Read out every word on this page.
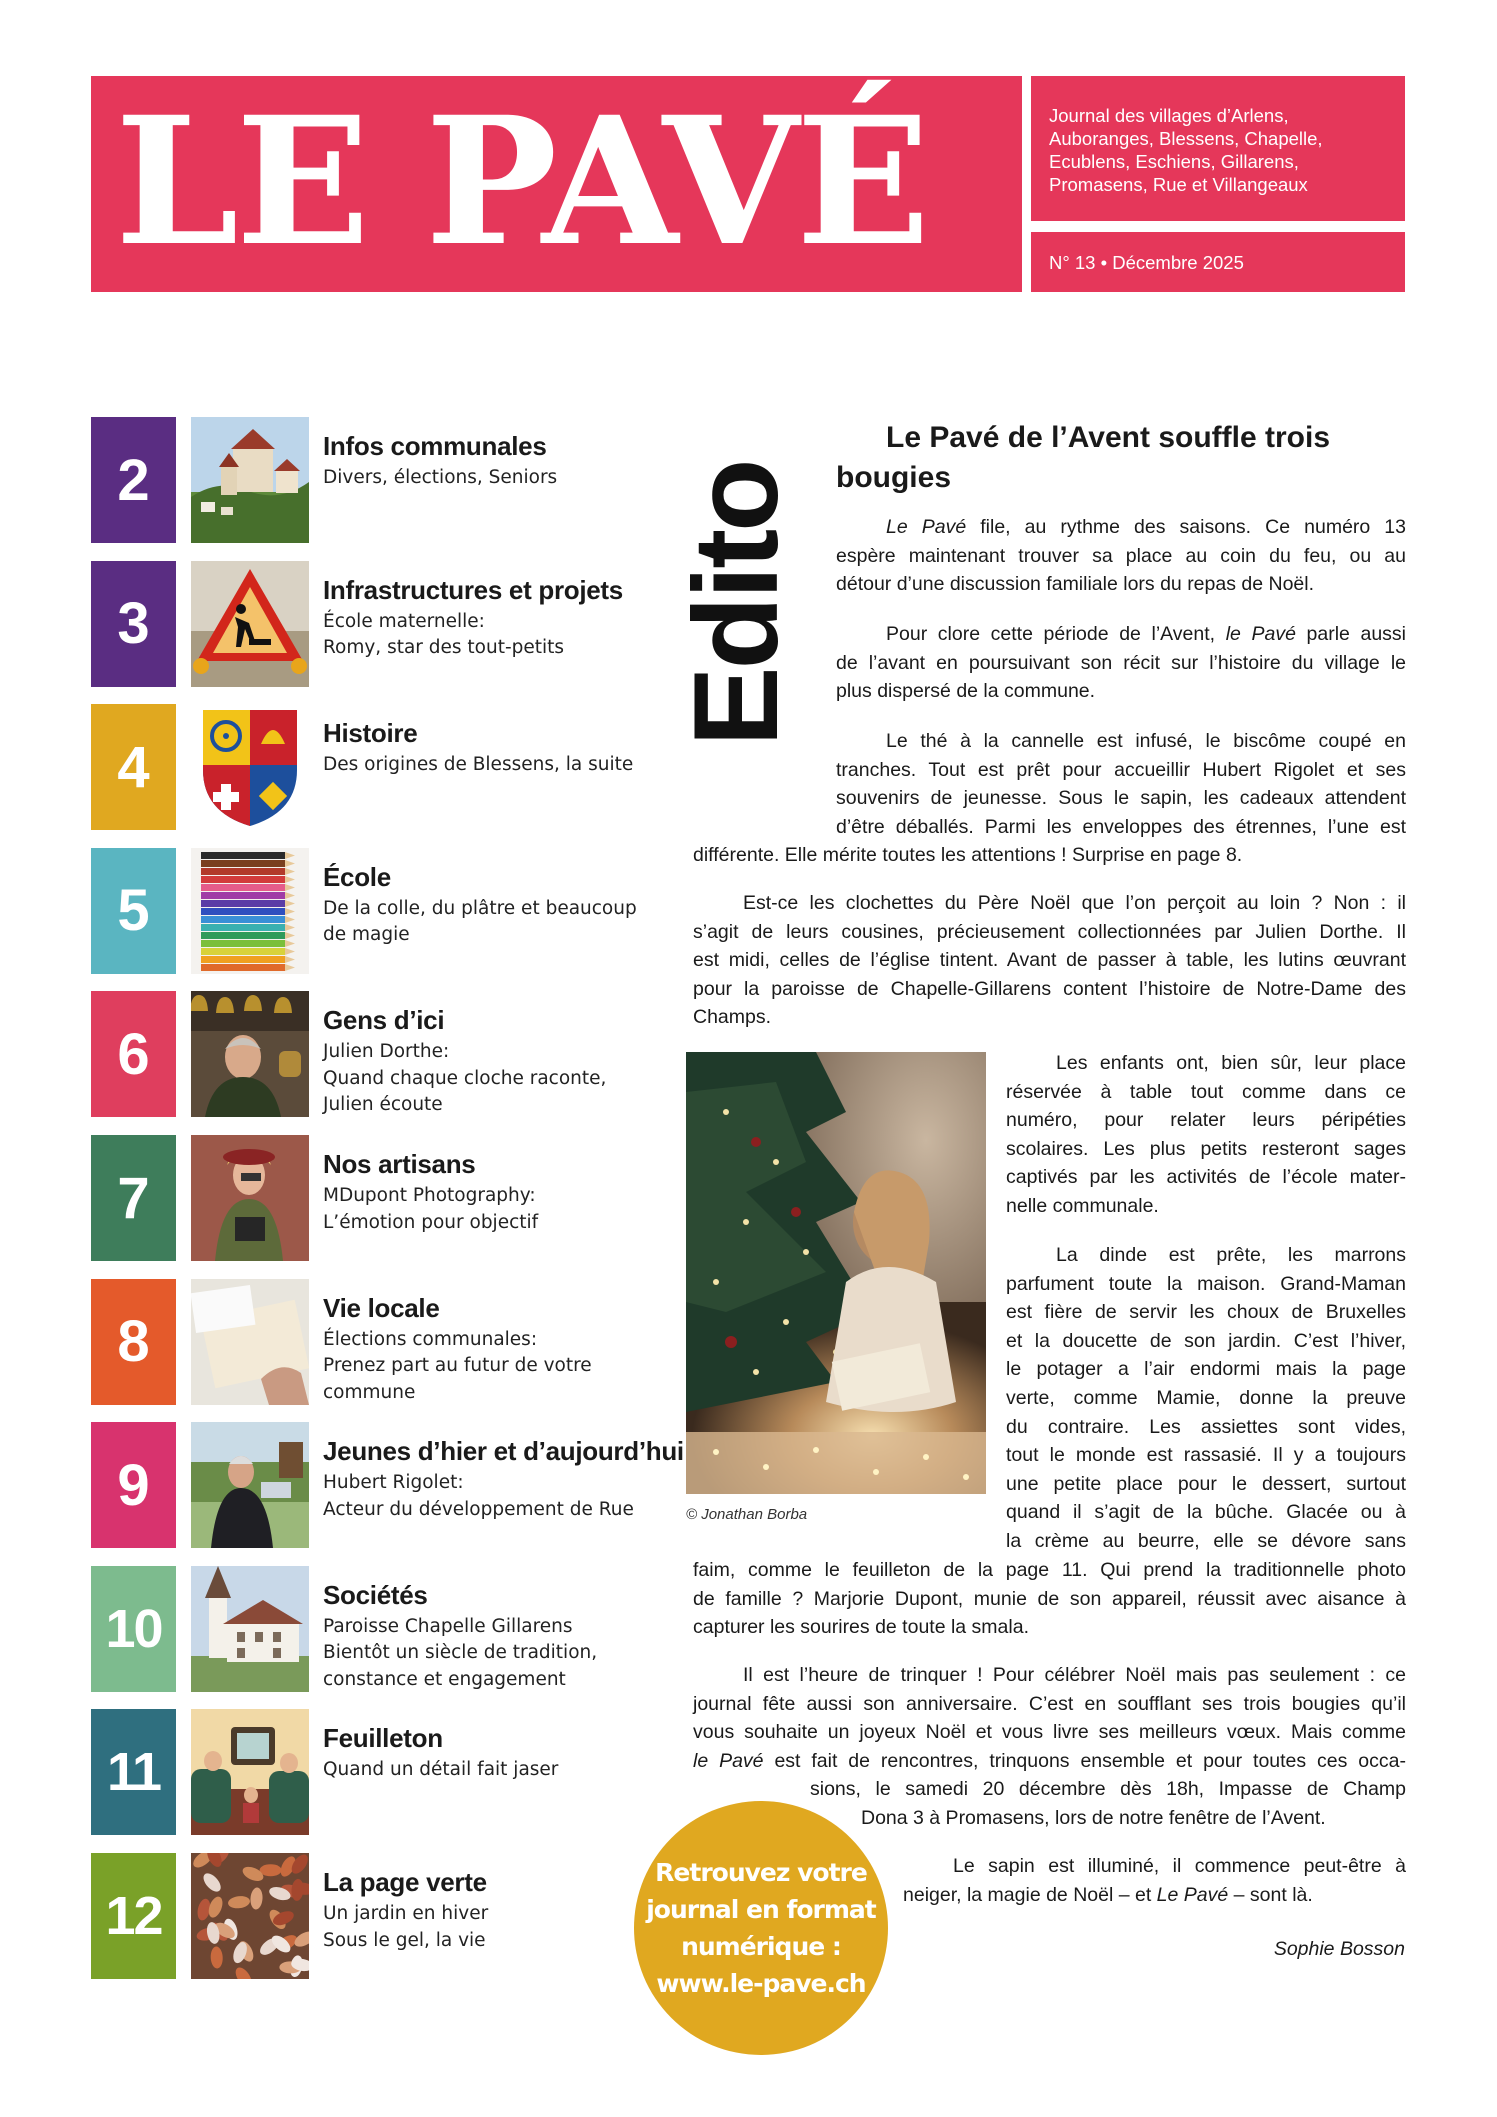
LE PAVÉ	Journal des villages d’Arlens,
Auboranges, Blessens, Chapelle,
Ecublens, Eschiens, Gillarens,
Promasens, Rue et Villangeaux
N° 13 • Décembre 2025
2
Infos communales
Divers, élections, Seniors
3
Infrastructures et projets
École maternelle:
Romy, star des tout-petits
4
Histoire
Des origines de Blessens, la suite
5
École
De la colle, du plâtre et beaucoup
de magie
6
Gens d’ici
Julien Dorthe:
Quand chaque cloche raconte,
Julien écoute
7
Nos artisans
MDupont Photography:
L’émotion pour objectif
8
Vie locale
Élections communales:
Prenez part au futur de votre
commune
9
Jeunes d’hier et d’aujourd’hui
Hubert Rigolet:
Acteur du développement de Rue
10
Sociétés
Paroisse Chapelle Gillarens
Bientôt un siècle de tradition,
constance et engagement
11
Feuilleton
Quand un détail fait jaser
12
La page verte
Un jardin en hiver
Sous le gel, la vie
Edito
Le Pavé de l’Avent souffle trois
bougies
Le Pavé file, au rythme des saisons. Ce numéro 13
espère maintenant trouver sa place au coin du feu, ou au
détour d’une discussion familiale lors du repas de Noël.
Pour clore cette période de l’Avent, le Pavé parle aussi
de l’avant en poursuivant son récit sur l’histoire du village le
plus dispersé de la commune.
Le thé à la cannelle est infusé, le biscôme coupé en
tranches. Tout est prêt pour accueillir Hubert Rigolet et ses
souvenirs de jeunesse. Sous le sapin, les cadeaux attendent
d’être déballés. Parmi les enveloppes des étrennes, l’une est
différente. Elle mérite toutes les attentions ! Surprise en page 8.
Est-ce les clochettes du Père Noël que l’on perçoit au loin ? Non : il
s’agit de leurs cousines, précieusement collectionnées par Julien Dorthe. Il
est midi, celles de l’église tintent. Avant de passer à table, les lutins œuvrant
pour la paroisse de Chapelle-Gillarens content l’histoire de Notre-Dame des
Champs.
© Jonathan Borba
Les enfants ont, bien sûr, leur place
réservée à table tout comme dans ce
numéro, pour relater leurs péripéties
scolaires. Les plus petits resteront sages
captivés par les activités de l’école mater-
nelle communale.
La dinde est prête, les marrons
parfument toute la maison. Grand-Maman
est fière de servir les choux de Bruxelles
et la doucette de son jardin. C’est l’hiver,
le potager a l’air endormi mais la page
verte, comme Mamie, donne la preuve
du contraire. Les assiettes sont vides,
tout le monde est rassasié. Il y a toujours
une petite place pour le dessert, surtout
quand il s’agit de la bûche. Glacée ou à
la crème au beurre, elle se dévore sans
faim, comme le feuilleton de la page 11. Qui prend la traditionnelle photo
de famille ? Marjorie Dupont, munie de son appareil, réussit avec aisance à
capturer les sourires de toute la smala.
Il est l’heure de trinquer ! Pour célébrer Noël mais pas seulement : ce
journal fête aussi son anniversaire. C’est en soufflant ses trois bougies qu’il
vous souhaite un joyeux Noël et vous livre ses meilleurs vœux. Mais comme
le Pavé est fait de rencontres, trinquons ensemble et pour toutes ces occa-
sions, le samedi 20 décembre dès 18h, Impasse de Champ
Dona 3 à Promasens, lors de notre fenêtre de l’Avent.
Le sapin est illuminé, il commence peut-être à
neiger, la magie de Noël – et Le Pavé – sont là.
Sophie Bosson
Retrouvez votre
journal en format
numérique :
www.le-pave.ch
